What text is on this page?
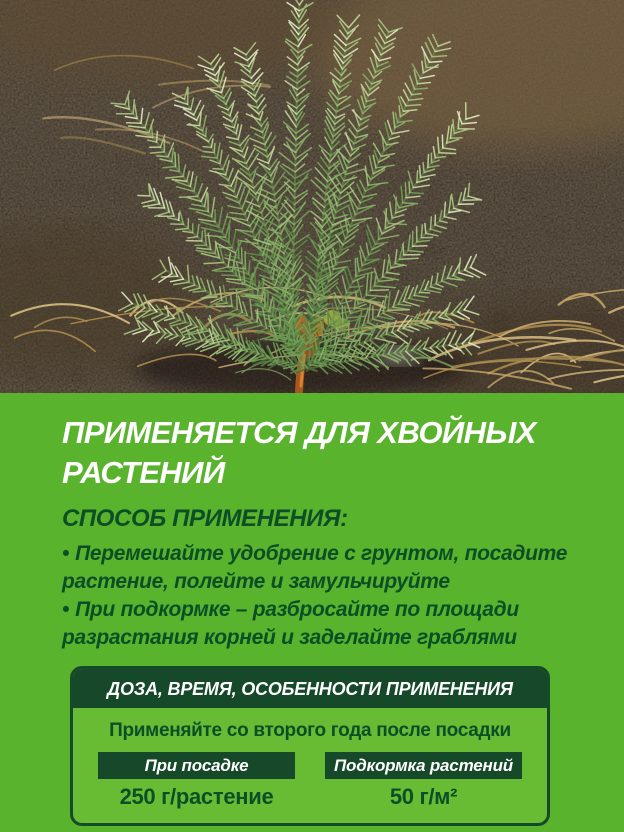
ПРИМЕНЯЕТСЯ ДЛЯ ХВОЙНЫХ РАСТЕНИЙ
СПОСОБ ПРИМЕНЕНИЯ:

• Перемешайте удобрение с грунтом, посадите растение, полейте и замульчируйте

• При подкормке – разбросайте по площади разрастания корней и заделайте граблями

ДОЗА, ВРЕМЯ, ОСОБЕННОСТИ ПРИМЕНЕНИЯ
Применяйте со второго года после посадки
При посадке
250 г/растение
Подкормка растений
50 г/м²
